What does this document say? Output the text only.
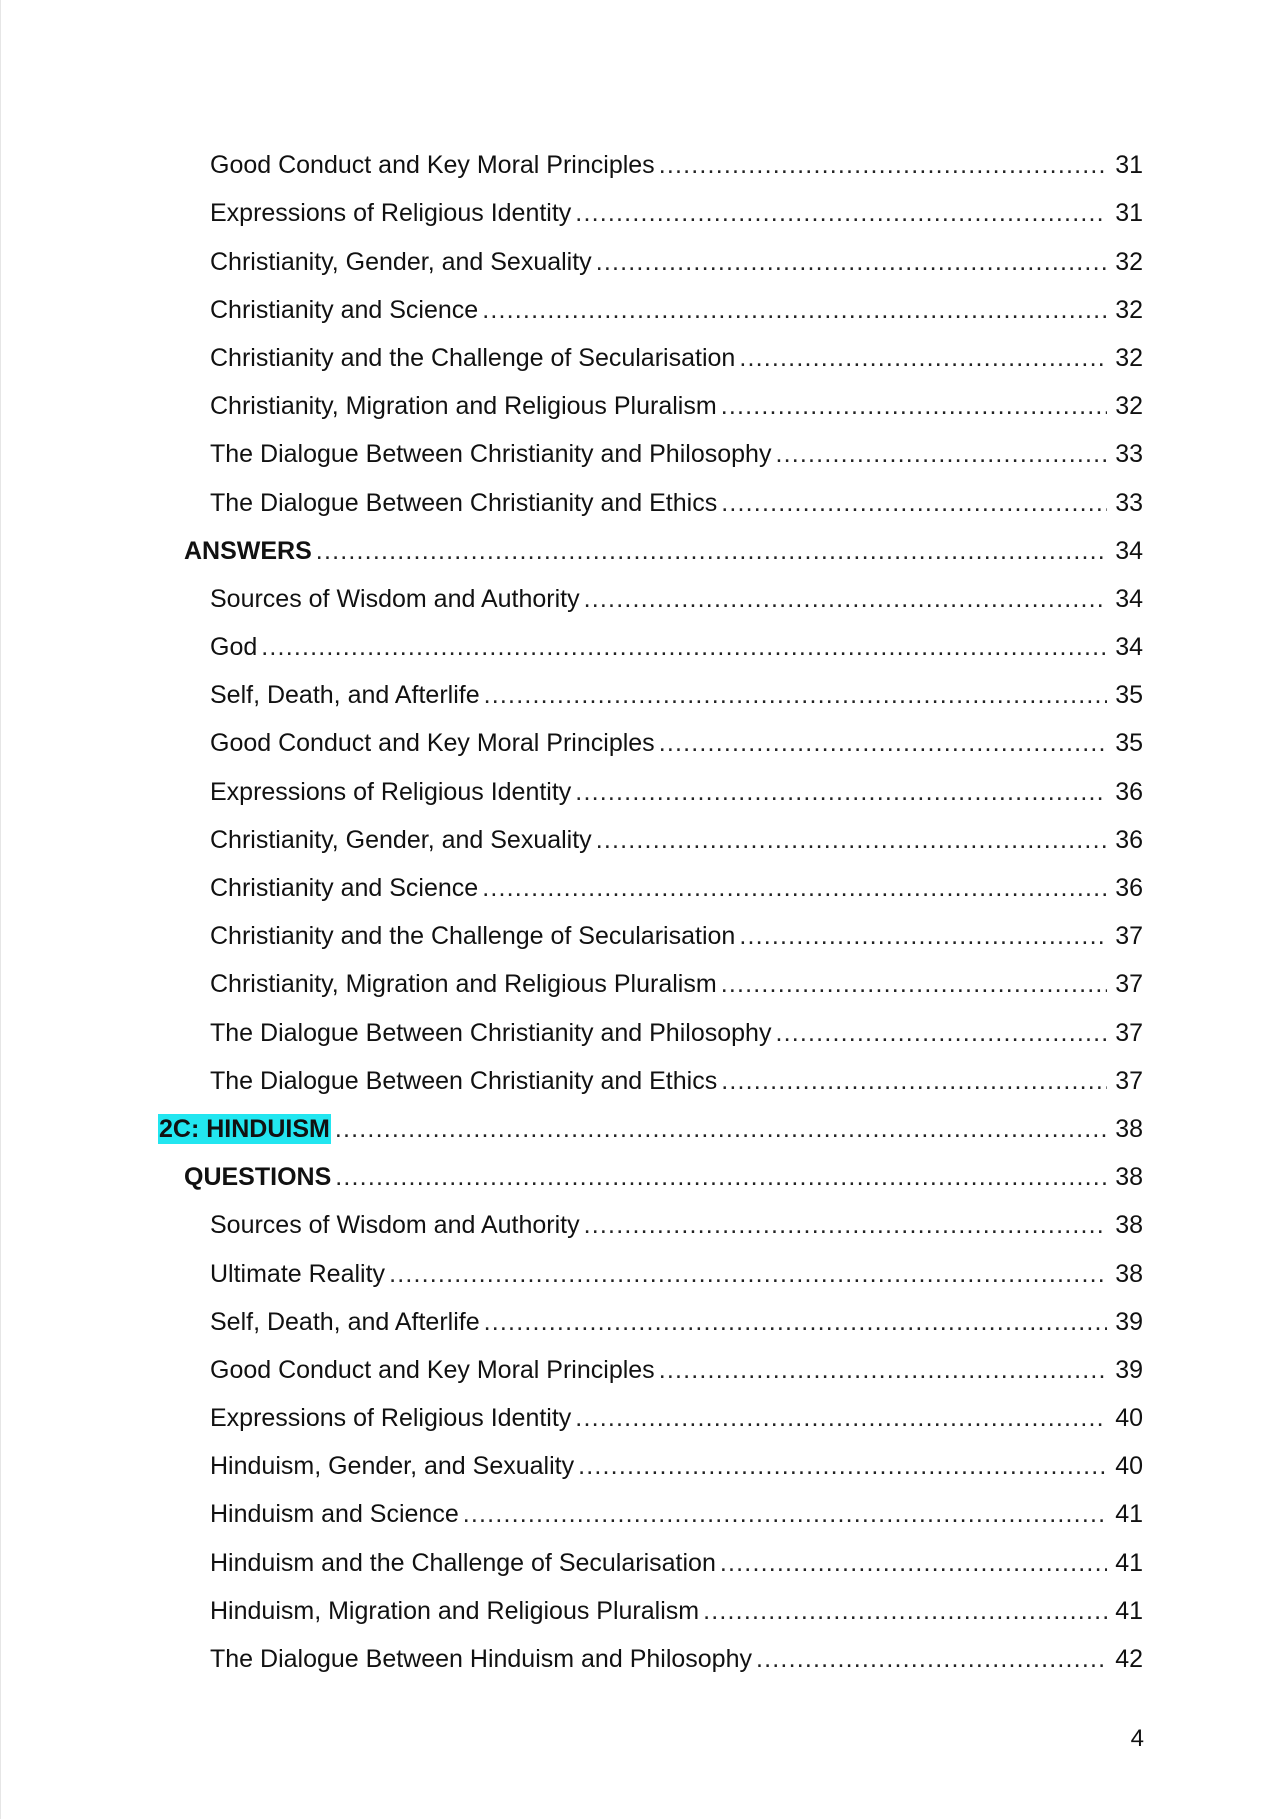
Good Conduct and Key Moral Principles .....	31
Expressions of Religious Identity .....	31
Christianity, Gender, and Sexuality .....	32
Christianity and Science .....	32
Christianity and the Challenge of Secularisation .....	32
Christianity, Migration and Religious Pluralism .....	32
The Dialogue Between Christianity and Philosophy .....	33
The Dialogue Between Christianity and Ethics .....	33
ANSWERS .....	34
Sources of Wisdom and Authority .....	34
God .....	34
Self, Death, and Afterlife .....	35
Good Conduct and Key Moral Principles .....	35
Expressions of Religious Identity .....	36
Christianity, Gender, and Sexuality .....	36
Christianity and Science .....	36
Christianity and the Challenge of Secularisation .....	37
Christianity, Migration and Religious Pluralism .....	37
The Dialogue Between Christianity and Philosophy .....	37
The Dialogue Between Christianity and Ethics .....	37
2C: HINDUISM .....	38
QUESTIONS .....	38
Sources of Wisdom and Authority .....	38
Ultimate Reality .....	38
Self, Death, and Afterlife .....	39
Good Conduct and Key Moral Principles .....	39
Expressions of Religious Identity .....	40
Hinduism, Gender, and Sexuality .....	40
Hinduism and Science .....	41
Hinduism and the Challenge of Secularisation .....	41
Hinduism, Migration and Religious Pluralism .....	41
The Dialogue Between Hinduism and Philosophy .....	42
4
